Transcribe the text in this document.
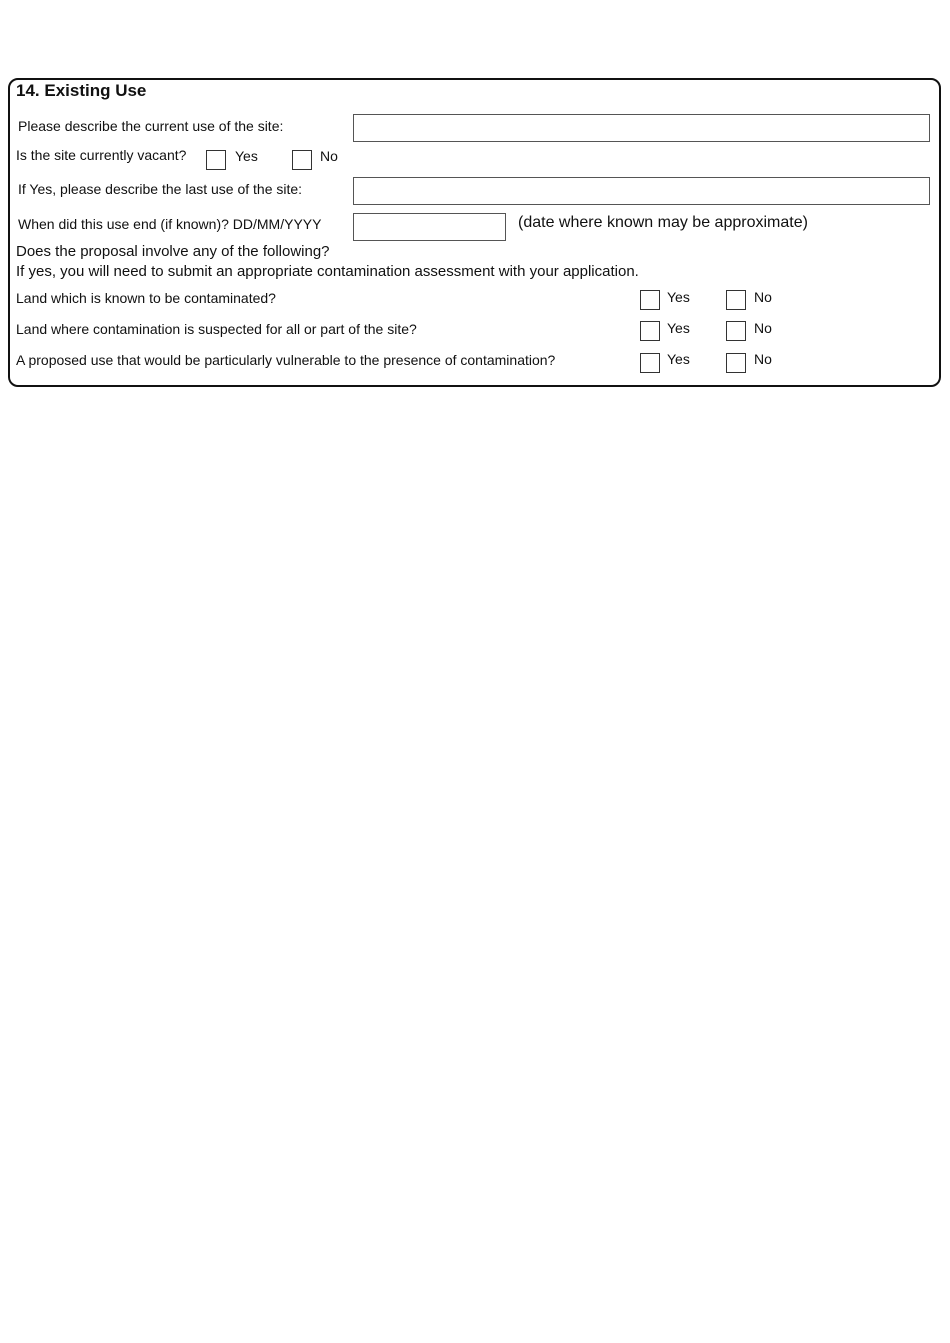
14. Existing Use
Please describe the current use of the site:
Is the site currently vacant?	Yes	No
If Yes, please describe the last use of the site:
When did this use end (if known)? DD/MM/YYYY	(date where known may be approximate)
Does the proposal involve any of the following?
If yes, you will need to submit an appropriate contamination assessment with your application.
Land which is known to be contaminated?	Yes	No
Land where contamination is suspected for all or part of the site?	Yes	No
A proposed use that would be particularly vulnerable to the presence of contamination?	Yes	No
